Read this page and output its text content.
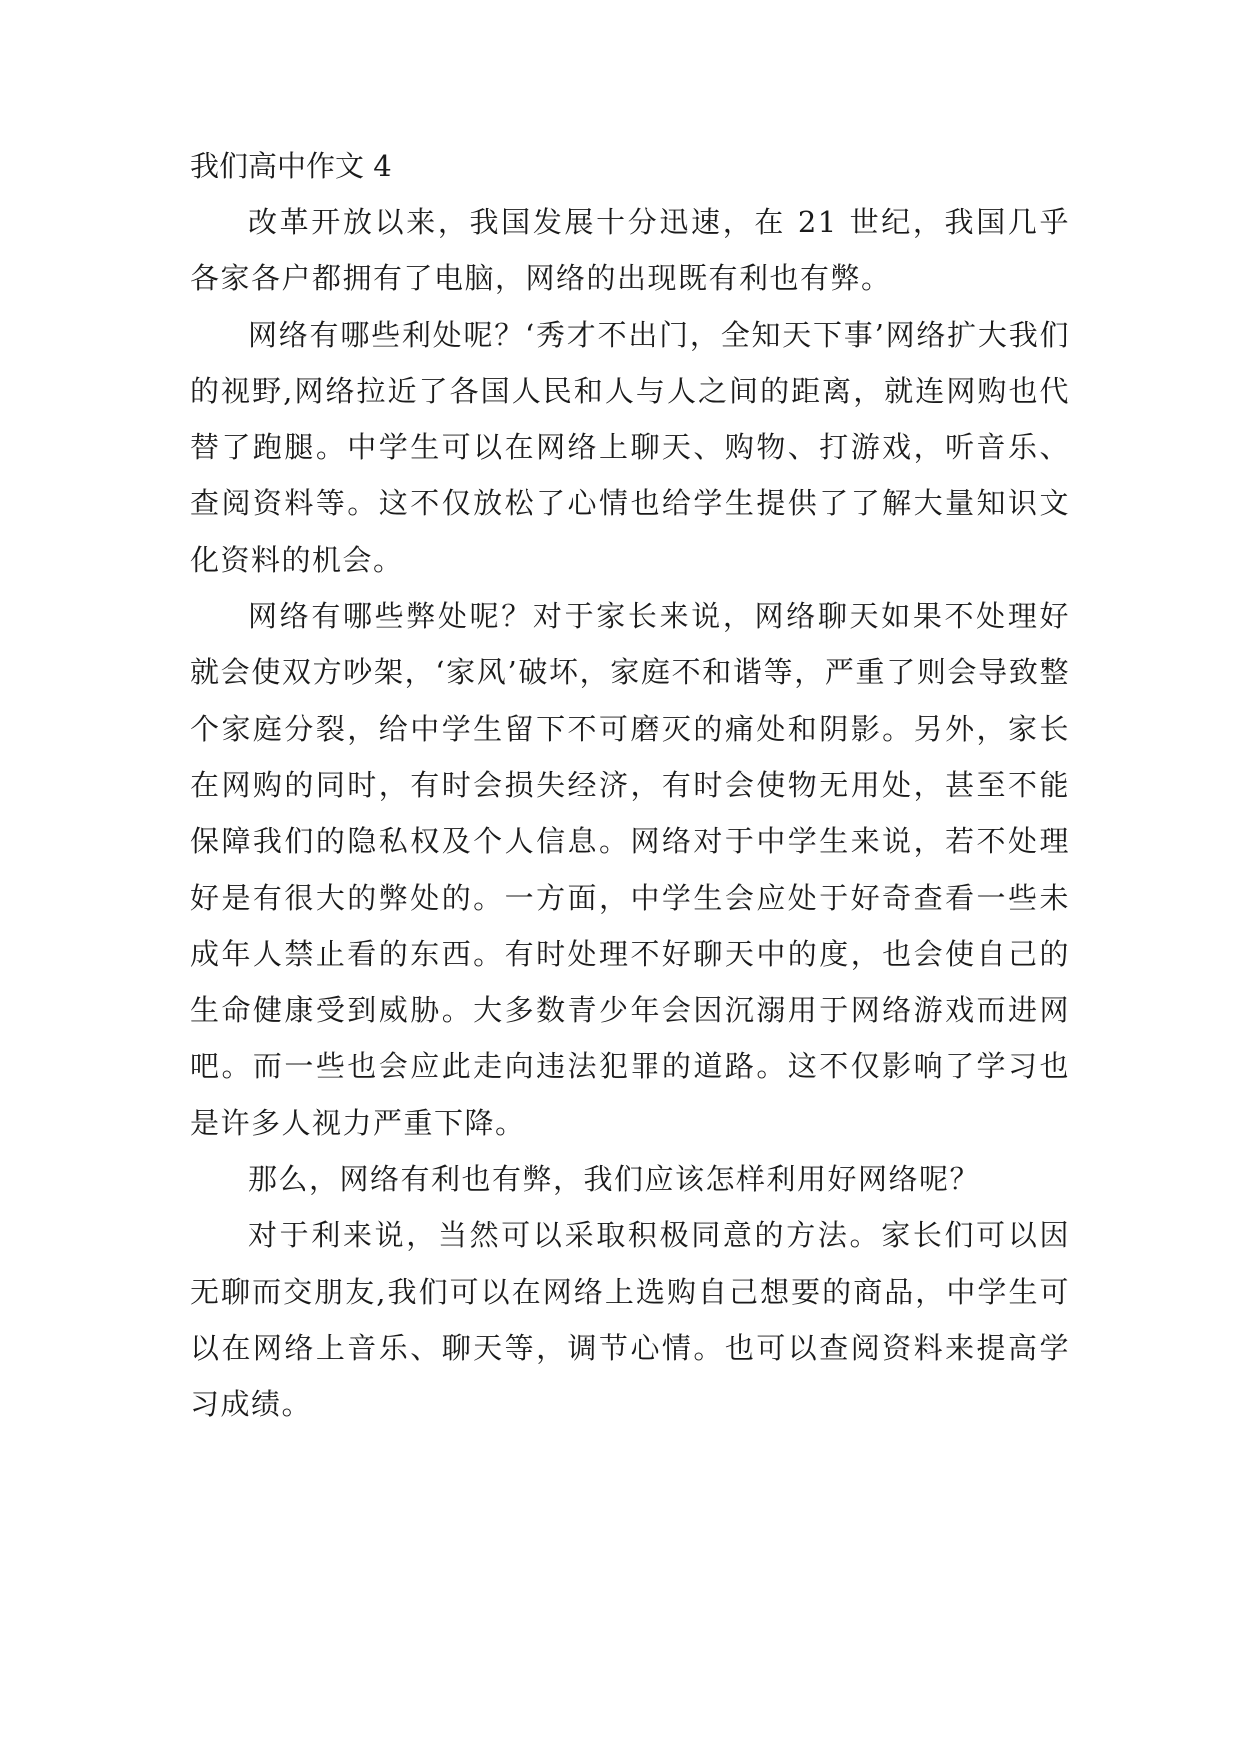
我们高中作文 4

改革开放以来，我国发展十分迅速，在 21 世纪，我国几乎各家各户都拥有了电脑，网络的出现既有利也有弊。

网络有哪些利处呢？‘秀才不出门，全知天下事’网络扩大我们的视野,网络拉近了各国人民和人与人之间的距离，就连网购也代替了跑腿。中学生可以在网络上聊天、购物、打游戏，听音乐、查阅资料等。这不仅放松了心情也给学生提供了了解大量知识文化资料的机会。

网络有哪些弊处呢？对于家长来说，网络聊天如果不处理好就会使双方吵架，‘家风’破坏，家庭不和谐等，严重了则会导致整个家庭分裂，给中学生留下不可磨灭的痛处和阴影。另外，家长在网购的同时，有时会损失经济，有时会使物无用处，甚至不能保障我们的隐私权及个人信息。网络对于中学生来说，若不处理好是有很大的弊处的。一方面，中学生会应处于好奇查看一些未成年人禁止看的东西。有时处理不好聊天中的度，也会使自己的生命健康受到威胁。大多数青少年会因沉溺用于网络游戏而进网吧。而一些也会应此走向违法犯罪的道路。这不仅影响了学习也是许多人视力严重下降。

那么，网络有利也有弊，我们应该怎样利用好网络呢？

对于利来说，当然可以采取积极同意的方法。家长们可以因无聊而交朋友,我们可以在网络上选购自己想要的商品，中学生可以在网络上音乐、聊天等，调节心情。也可以查阅资料来提高学习成绩。
